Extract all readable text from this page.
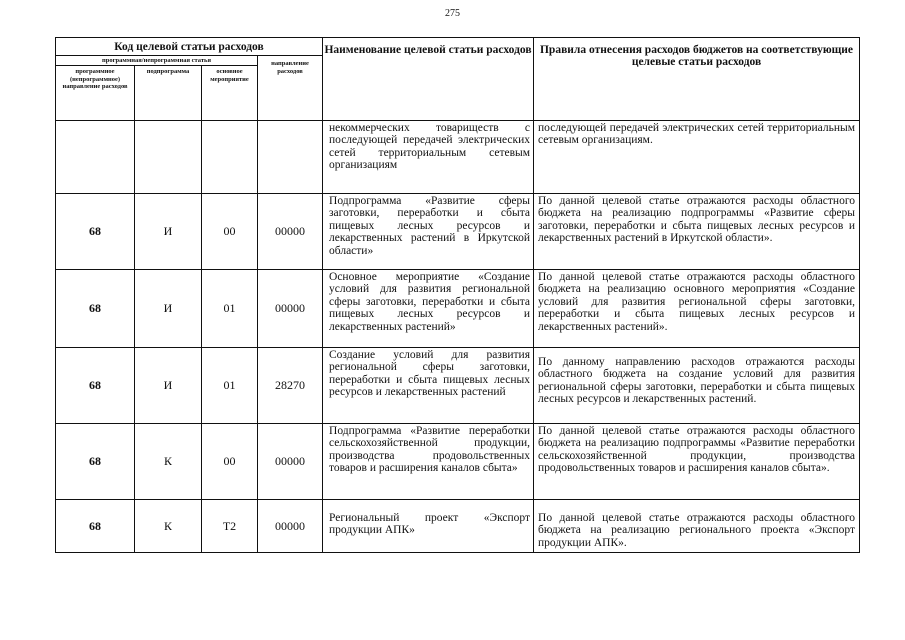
275
Код целевой статьи расходов				Наименование целевой статьи расходов	Правила отнесения расходов бюджетов на соответствующие целевые статьи расходов
программная/непрограммная статья			направление расходов		
программное (непрограммное) направление расходов	подпрограмма	основное мероприятие			
				некоммерческих товариществ с последующей передачей электрических сетей территориальным сетевым организациям	последующей передачей электрических сетей территориальным сетевым организациям.
68	И	00	00000	Подпрограмма «Развитие сферы заготовки, переработки и сбыта пищевых лесных ресурсов и лекарственных растений в Иркутской области»	По данной целевой статье отражаются расходы областного бюджета на реализацию подпрограммы «Развитие сферы заготовки, переработки и сбыта пищевых лесных ресурсов и лекарственных растений в Иркутской области».
68	И	01	00000	Основное мероприятие «Создание условий для развития региональной сферы заготовки, переработки и сбыта пищевых лесных ресурсов и лекарственных растений»	По данной целевой статье отражаются расходы областного бюджета на реализацию основного мероприятия «Создание условий для развития региональной сферы заготовки, переработки и сбыта пищевых лесных ресурсов и лекарственных растений».
68	И	01	28270	Создание условий для развития региональной сферы заготовки, переработки и сбыта пищевых лесных ресурсов и лекарственных растений	По данному направлению расходов отражаются расходы областного бюджета на создание условий для развития региональной сферы заготовки, переработки и сбыта пищевых лесных ресурсов и лекарственных растений.
68	К	00	00000	Подпрограмма «Развитие переработки сельскохозяйственной продукции, производства продовольственных товаров и расширения каналов сбыта»	По данной целевой статье отражаются расходы областного бюджета на реализацию подпрограммы «Развитие переработки сельскохозяйственной продукции, производства продовольственных товаров и расширения каналов сбыта».
68	К	Т2	00000	Региональный проект «Экспорт продукции АПК»	По данной целевой статье отражаются расходы областного бюджета на реализацию регионального проекта «Экспорт продукции АПК».
